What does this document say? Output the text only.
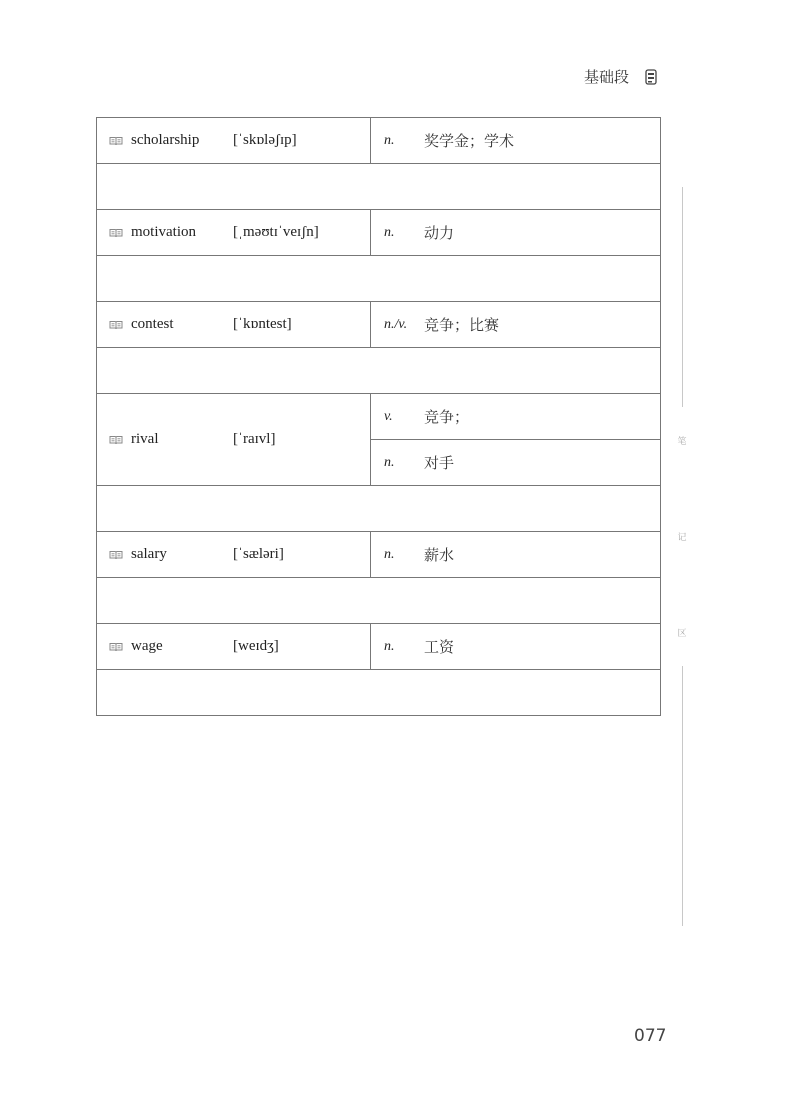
基础段
scholarship [ˈskɒləʃɪp]	n. 奖学金；学术

motivation [ˌməʊtɪˈveɪʃn]	n. 动力

contest [ˈkɒntest]	n./v. 竞争；比赛

rival [ˈraɪvl]	v. 竞争；

	n. 对手

salary [ˈsæləri]	n. 薪水

wage [weɪdʒ]	n. 工资

笔
记
区
077
